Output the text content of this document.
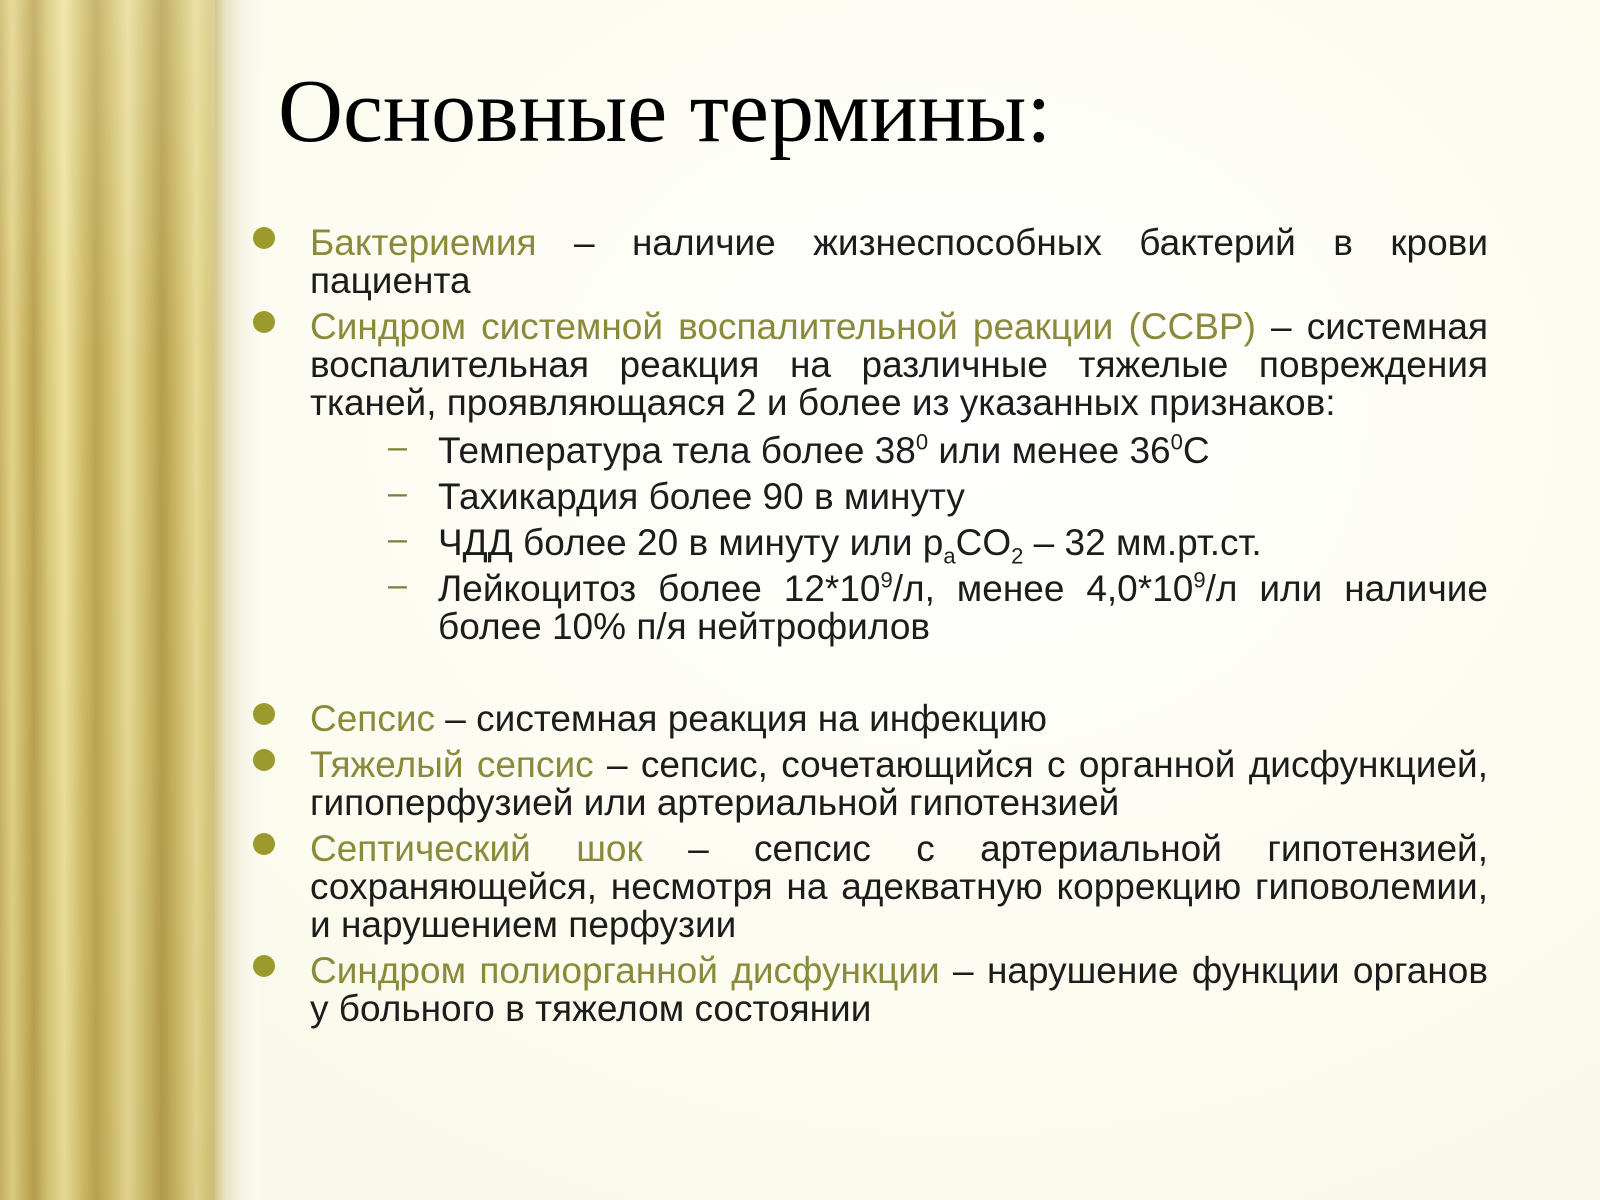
Основные термины:
Бактериемия – наличие жизнеспособных бактерий в крови пациента
Синдром системной воспалительной реакции (ССВР) – системная воспалительная реакция на различные тяжелые повреждения тканей, проявляющаяся 2 и более из указанных признаков:
– Температура тела более $38^0$ или менее $36^0С$
– Тахикардия более 90 в минуту
– ЧДД более 20 в минуту или $p_aCO_2 - 32$ мм.рт.ст.
– Лейкоцитоз более $12*10^9/л$, менее $4,0*10^9/л$ или наличие более 10% п/я нейтрофилов
Сепсис – системная реакция на инфекцию
Тяжелый сепсис – сепсис, сочетающийся с органной дисфункцией, гипоперфузией или артериальной гипотензией
Септический шок – сепсис с артериальной гипотензией, сохраняющейся, несмотря на адекватную коррекцию гиповолемии, и нарушением перфузии
Синдром полиорганной дисфункции – нарушение функции органов у больного в тяжелом состоянии
